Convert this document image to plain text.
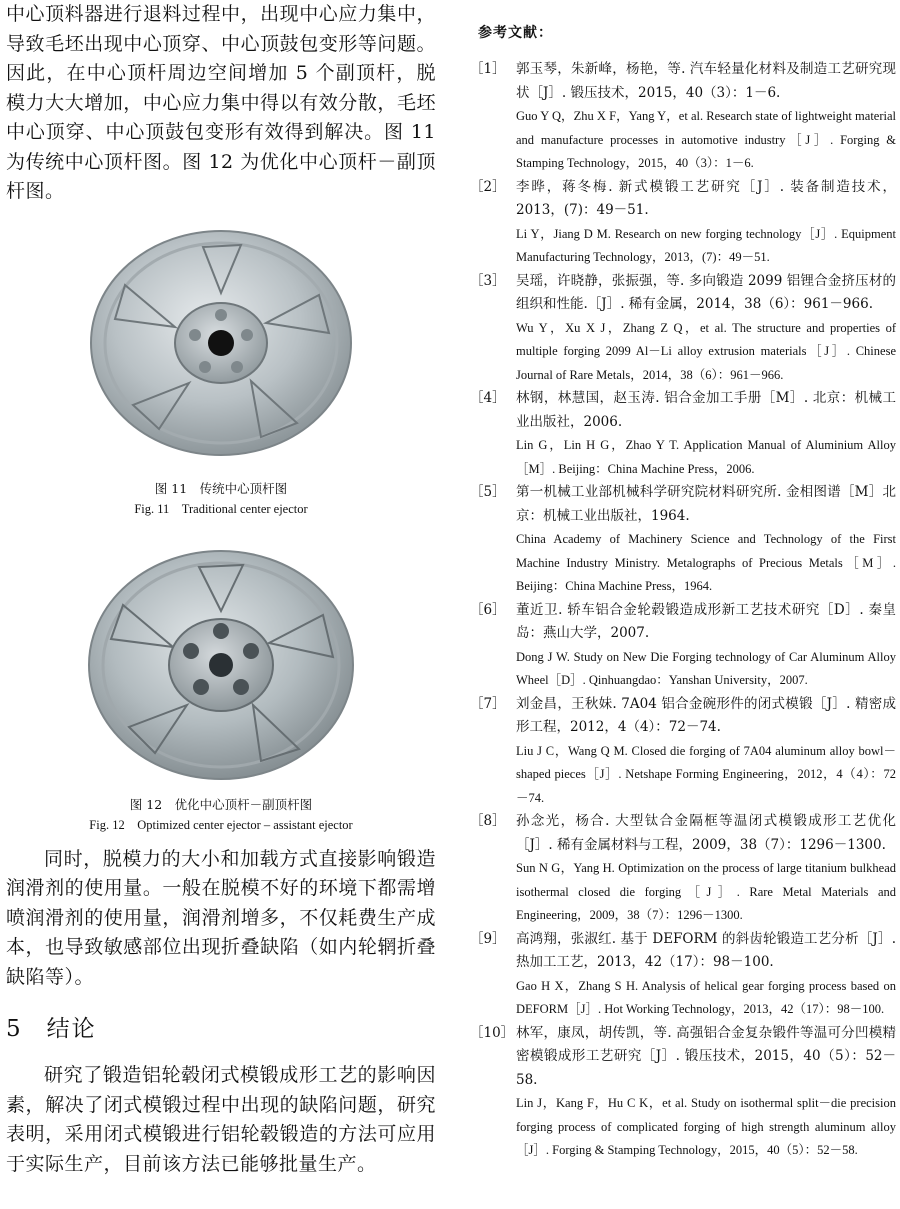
中心顶料器进行退料过程中，出现中心应力集中，导致毛坯出现中心顶穿、中心顶鼓包变形等问题。因此，在中心顶杆周边空间增加 5 个副顶杆，脱模力大大增加，中心应力集中得以有效分散，毛坯中心顶穿、中心顶鼓包变形有效得到解决。图 11 为传统中心顶杆图。图 12 为优化中心顶杆－副顶杆图。

图 11　传统中心顶杆图

Fig. 11　Traditional center ejector

图 12　优化中心顶杆－副顶杆图

Fig. 12　Optimized center ejector – assistant ejector

同时，脱模力的大小和加载方式直接影响锻造润滑剂的使用量。一般在脱模不好的环境下都需增喷润滑剂的使用量，润滑剂增多，不仅耗费生产成本，也导致敏感部位出现折叠缺陷（如内轮辋折叠缺陷等）。

5 结论

研究了锻造铝轮毂闭式模锻成形工艺的影响因素，解决了闭式模锻过程中出现的缺陷问题，研究表明，采用闭式模锻进行铝轮毂锻造的方法可应用于实际生产，目前该方法已能够批量生产。

参考文献：
［1］ 郭玉琴，朱新峰，杨艳，等. 汽车轻量化材料及制造工艺研究现状［J］. 锻压技术，2015，40（3）：1－6.

Guo Y Q，Zhu X F，Yang Y，et al. Research state of lightweight material and manufacture processes in automotive industry［J］. Forging & Stamping Technology，2015，40（3）：1－6.

［2］ 李晔，蒋冬梅. 新式模锻工艺研究［J］. 装备制造技术，2013，(7)：49－51.

Li Y，Jiang D M. Research on new forging technology［J］. Equipment Manufacturing Technology，2013，(7)：49－51.

［3］ 吴瑶，许晓静，张振强，等. 多向锻造 2099 铝锂合金挤压材的组织和性能.［J］. 稀有金属，2014，38（6）：961－966.

Wu Y，Xu X J，Zhang Z Q，et al. The structure and properties of multiple forging 2099 Al－Li alloy extrusion materials［J］. Chinese Journal of Rare Metals，2014，38（6）：961－966.

［4］ 林钢，林慧国，赵玉涛. 铝合金加工手册［M］. 北京：机械工业出版社，2006.

Lin G，Lin H G，Zhao Y T. Application Manual of Aluminium Alloy［M］. Beijing：China Machine Press，2006.

［5］ 第一机械工业部机械科学研究院材料研究所. 金相图谱［M］北京：机械工业出版社，1964.

China Academy of Machinery Science and Technology of the First Machine Industry Ministry. Metalographs of Precious Metals［M］. Beijing：China Machine Press，1964.

［6］ 董近卫. 轿车铝合金轮毂锻造成形新工艺技术研究［D］. 秦皇岛：燕山大学，2007.

Dong J W. Study on New Die Forging technology of Car Aluminum Alloy Wheel［D］. Qinhuangdao：Yanshan University，2007.

［7］ 刘金昌，王秋妹. 7A04 铝合金碗形件的闭式模锻［J］. 精密成形工程，2012，4（4）：72－74.

Liu J C，Wang Q M. Closed die forging of 7A04 aluminum alloy bowl－shaped pieces［J］. Netshape Forming Engineering，2012，4（4）：72－74.

［8］ 孙念光，杨合. 大型钛合金隔框等温闭式模锻成形工艺优化［J］. 稀有金属材料与工程，2009，38（7）：1296－1300.

Sun N G，Yang H. Optimization on the process of large titanium bulkhead isothermal closed die forging［J］. Rare Metal Materials and Engineering，2009，38（7）：1296－1300.

［9］ 高鸿翔，张淑红. 基于 DEFORM 的斜齿轮锻造工艺分析［J］. 热加工工艺，2013，42（17）：98－100.

Gao H X，Zhang S H. Analysis of helical gear forging process based on DEFORM［J］. Hot Working Technology，2013，42（17）：98－100.

［10］ 林军，康凤，胡传凯，等. 高强铝合金复杂锻件等温可分凹模精密模锻成形工艺研究［J］. 锻压技术，2015，40（5）：52－58.

Lin J，Kang F，Hu C K，et al. Study on isothermal split－die precision forging process of complicated forging of high strength aluminum alloy［J］. Forging & Stamping Technology，2015，40（5）：52－58.
